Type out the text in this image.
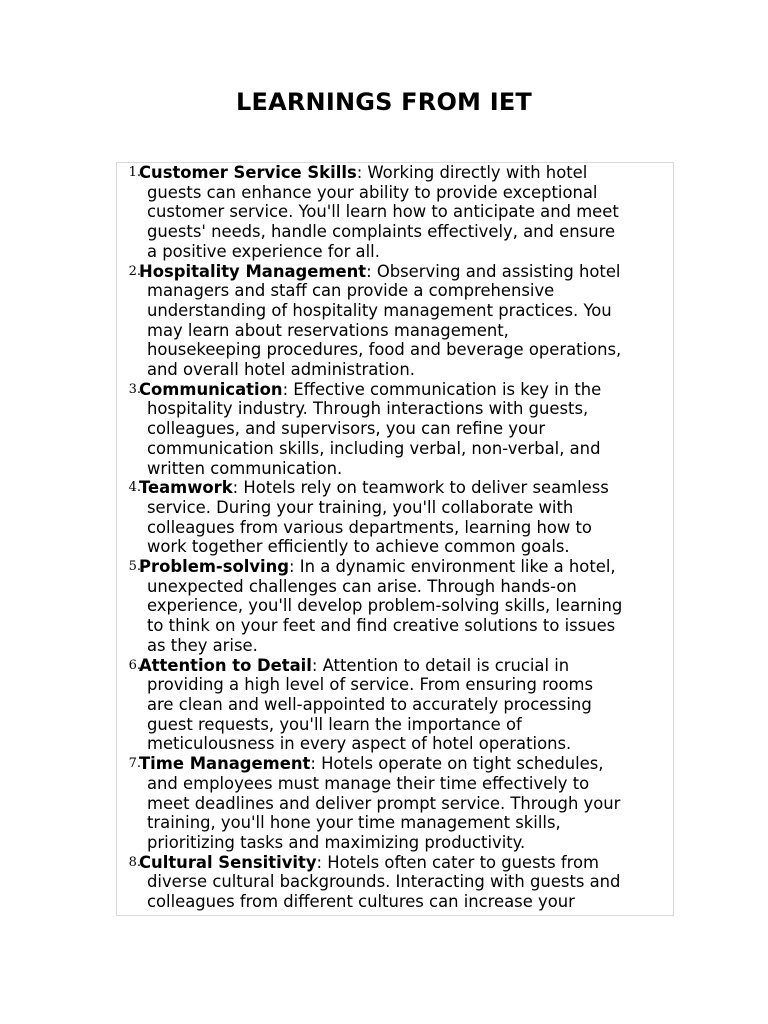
LEARNINGS FROM IET
1.
Customer Service Skills: Working directly with hotel
guests can enhance your ability to provide exceptional
customer service. You'll learn how to anticipate and meet
guests' needs, handle complaints effectively, and ensure
a positive experience for all.
2.
Hospitality Management: Observing and assisting hotel
managers and staff can provide a comprehensive
understanding of hospitality management practices. You
may learn about reservations management,
housekeeping procedures, food and beverage operations,
and overall hotel administration.
3.
Communication: Effective communication is key in the
hospitality industry. Through interactions with guests,
colleagues, and supervisors, you can refine your
communication skills, including verbal, non-verbal, and
written communication.
4.
Teamwork: Hotels rely on teamwork to deliver seamless
service. During your training, you'll collaborate with
colleagues from various departments, learning how to
work together efficiently to achieve common goals.
5.
Problem-solving: In a dynamic environment like a hotel,
unexpected challenges can arise. Through hands-on
experience, you'll develop problem-solving skills, learning
to think on your feet and find creative solutions to issues
as they arise.
6.
Attention to Detail: Attention to detail is crucial in
providing a high level of service. From ensuring rooms
are clean and well-appointed to accurately processing
guest requests, you'll learn the importance of
meticulousness in every aspect of hotel operations.
7.
Time Management: Hotels operate on tight schedules,
and employees must manage their time effectively to
meet deadlines and deliver prompt service. Through your
training, you'll hone your time management skills,
prioritizing tasks and maximizing productivity.
8.
Cultural Sensitivity: Hotels often cater to guests from
diverse cultural backgrounds. Interacting with guests and
colleagues from different cultures can increase your
